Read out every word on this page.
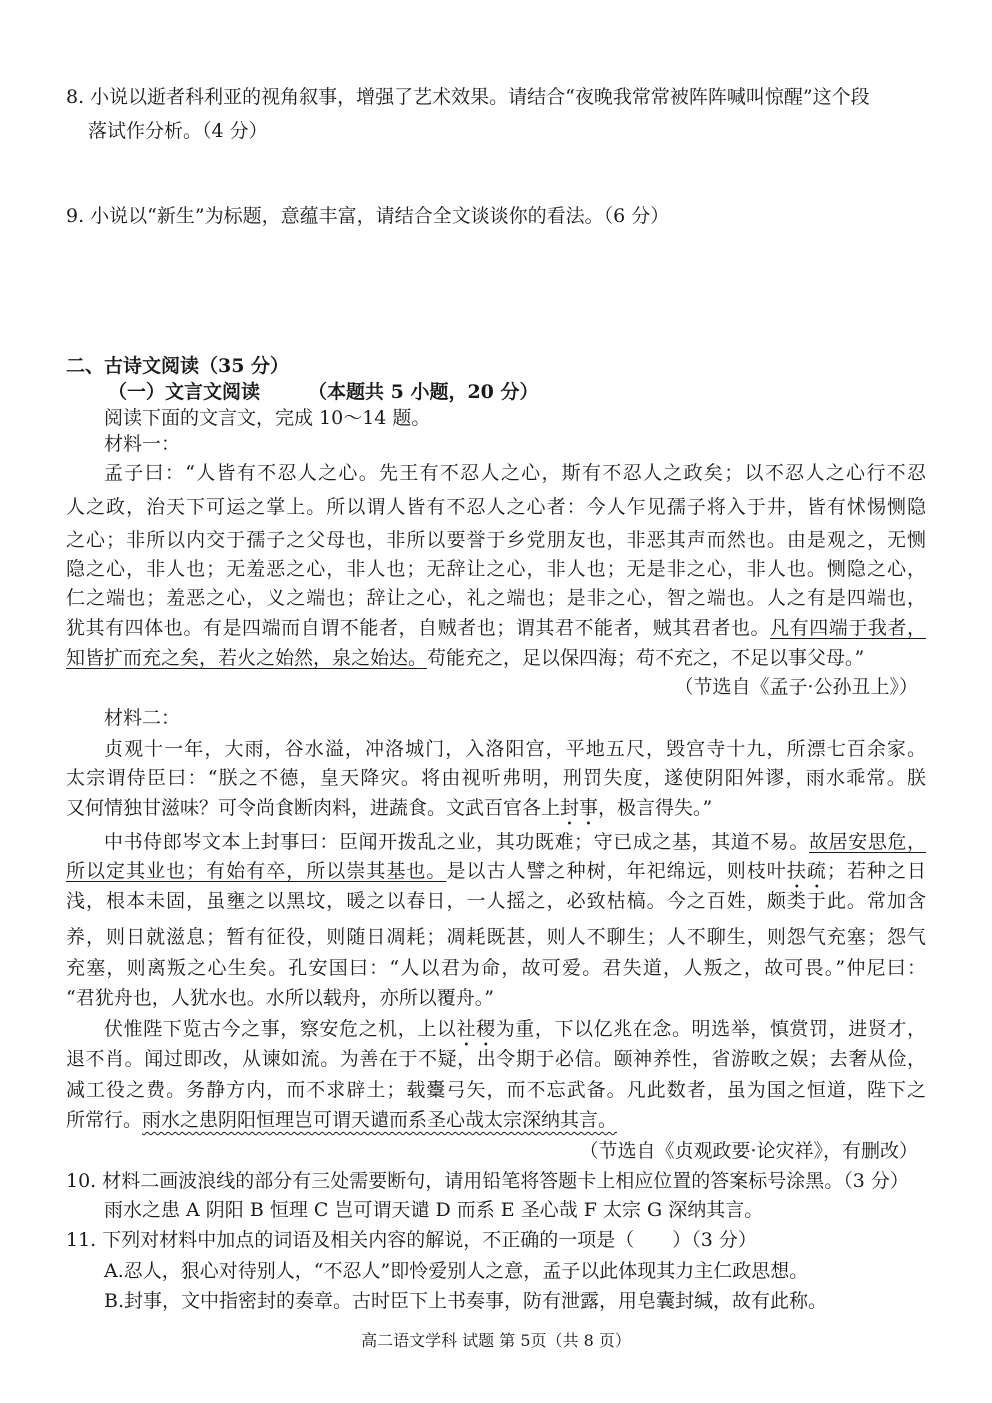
8. 小说以逝者科利亚的视角叙事，增强了艺术效果。请结合“夜晚我常常被阵阵喊叫惊醒”这个段
落试作分析。（4 分）
9. 小说以“新生”为标题，意蕴丰富，请结合全文谈谈你的看法。（6 分）
二、古诗文阅读（35 分）
（一）文言文阅读	（本题共 5 小题，20 分）
阅读下面的文言文，完成 10～14 题。
材料一：
孟子曰：“人皆有不忍人之心。先王有不忍人之心，斯有不忍人之政矣；以不忍人之心行不忍
人之政，治天下可运之掌上。所以谓人皆有不忍人之心者：今人乍见孺子将入于井，皆有怵惕恻隐
之心；非所以内交于孺子之父母也，非所以要誉于乡党朋友也，非恶其声而然也。由是观之，无恻
隐之心，非人也；无羞恶之心，非人也；无辞让之心，非人也；无是非之心，非人也。恻隐之心，
仁之端也；羞恶之心，义之端也；辞让之心，礼之端也；是非之心，智之端也。人之有是四端也，
犹其有四体也。有是四端而自谓不能者，自贼者也；谓其君不能者，贼其君者也。凡有四端于我者，
知皆扩而充之矣，若火之始然，泉之始达。苟能充之，足以保四海；苟不充之，不足以事父母。”
（节选自《孟子·公孙丑上》）
材料二：
贞观十一年，大雨，谷水溢，冲洛城门，入洛阳宫，平地五尺，毁宫寺十九，所漂七百余家。
太宗谓侍臣曰：“朕之不德，皇天降灾。将由视听弗明，刑罚失度，遂使阴阳舛谬，雨水乖常。朕
又何情独甘滋味？可令尚食断肉料，进蔬食。文武百官各上封事，极言得失。”
中书侍郎岑文本上封事曰：臣闻开拨乱之业，其功既难；守已成之基，其道不易。故居安思危，
所以定其业也；有始有卒，所以崇其基也。是以古人譬之种树，年祀绵远，则枝叶扶疏；若种之日
浅，根本未固，虽壅之以黑坟，暖之以春日，一人摇之，必致枯槁。今之百姓，颇类于此。常加含
养，则日就滋息；暂有征役，则随日凋耗；凋耗既甚，则人不聊生；人不聊生，则怨气充塞；怨气
充塞，则离叛之心生矣。孔安国曰：“人以君为命，故可爱。君失道，人叛之，故可畏。”仲尼曰：
“君犹舟也，人犹水也。水所以载舟，亦所以覆舟。”
伏惟陛下览古今之事，察安危之机，上以社稷为重，下以亿兆在念。明选举，慎赏罚，进贤才，
退不肖。闻过即改，从谏如流。为善在于不疑，出令期于必信。颐神养性，省游畋之娱；去奢从俭，
减工役之费。务静方内，而不求辟土；载櫜弓矢，而不忘武备。凡此数者，虽为国之恒道，陛下之
所常行。雨水之患阴阳恒理岂可谓天谴而系圣心哉太宗深纳其言。
（节选自《贞观政要·论灾祥》，有删改）
10. 材料二画波浪线的部分有三处需要断句，请用铅笔将答题卡上相应位置的答案标号涂黑。（3 分）
雨水之患 A 阴阳 B 恒理 C 岂可谓天谴 D 而系 E 圣心哉 F 太宗 G 深纳其言。
11. 下列对材料中加点的词语及相关内容的解说，不正确的一项是（　　）（3 分）
A.忍人，狠心对待别人，“不忍人”即怜爱别人之意，孟子以此体现其力主仁政思想。
B.封事，文中指密封的奏章。古时臣下上书奏事，防有泄露，用皂囊封缄，故有此称。
高二语文学科 试题 第 5页（共 8 页）
